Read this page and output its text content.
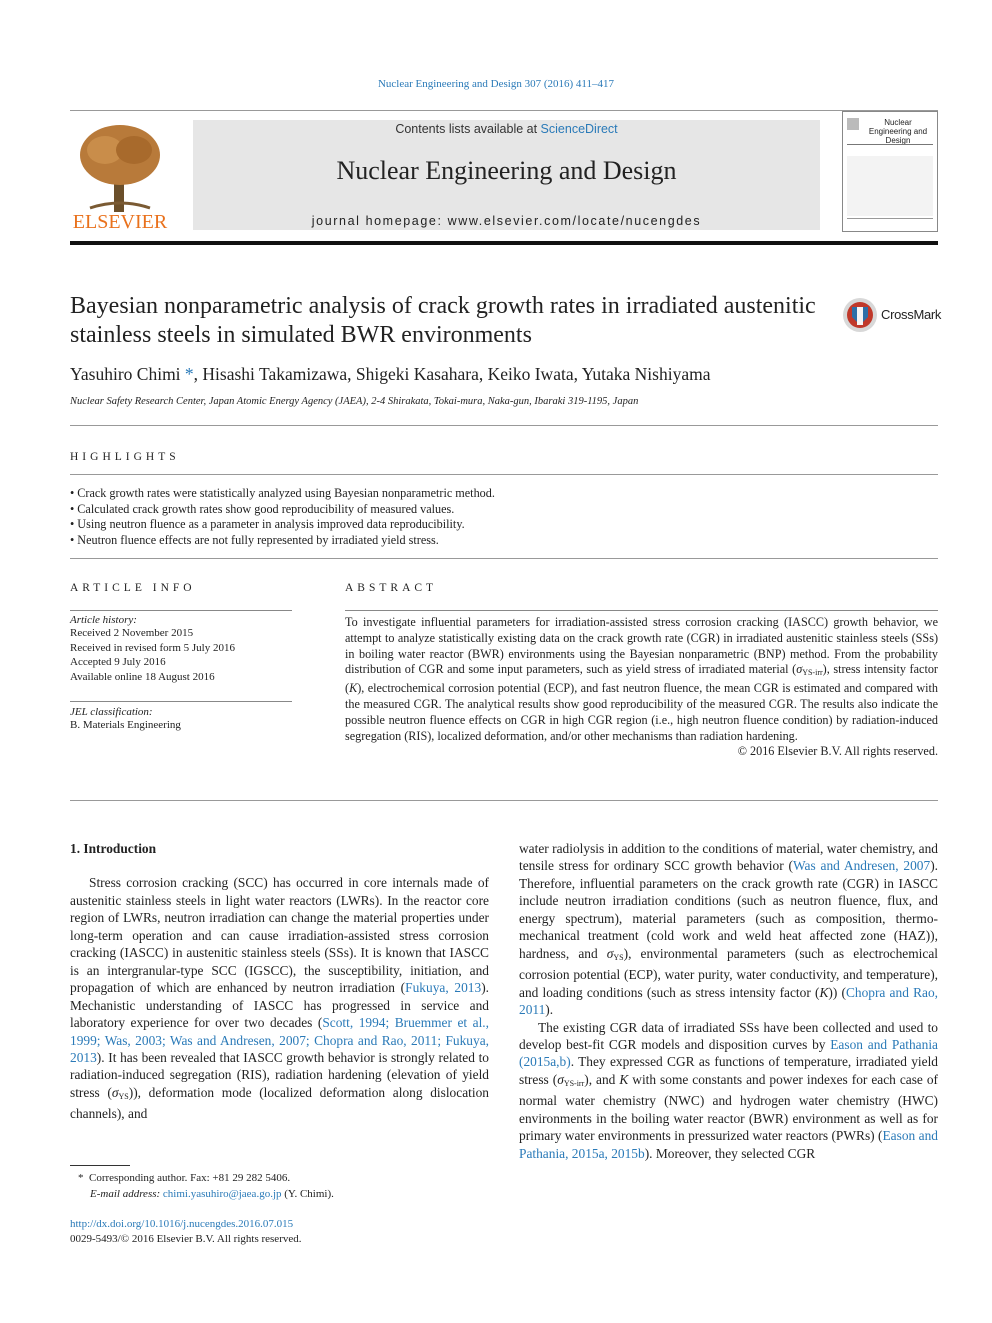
Nuclear Engineering and Design 307 (2016) 411–417
ELSEVIER
Contents lists available at ScienceDirect
Nuclear Engineering and Design
journal homepage: www.elsevier.com/locate/nucengdes
Nuclear Engineering and Design
Bayesian nonparametric analysis of crack growth rates in irradiated austenitic stainless steels in simulated BWR environments
CrossMark
Yasuhiro Chimi *, Hisashi Takamizawa, Shigeki Kasahara, Keiko Iwata, Yutaka Nishiyama
Nuclear Safety Research Center, Japan Atomic Energy Agency (JAEA), 2-4 Shirakata, Tokai-mura, Naka-gun, Ibaraki 319-1195, Japan
HIGHLIGHTS
• Crack growth rates were statistically analyzed using Bayesian nonparametric method.
• Calculated crack growth rates show good reproducibility of measured values.
• Using neutron fluence as a parameter in analysis improved data reproducibility.
• Neutron fluence effects are not fully represented by irradiated yield stress.
ARTICLE INFO
Article history:
Received 2 November 2015
Received in revised form 5 July 2016
Accepted 9 July 2016
Available online 18 August 2016
JEL classification:
B. Materials Engineering
ABSTRACT
To investigate influential parameters for irradiation-assisted stress corrosion cracking (IASCC) growth behavior, we attempt to analyze statistically existing data on the crack growth rate (CGR) in irradiated austenitic stainless steels (SSs) in boiling water reactor (BWR) environments using the Bayesian nonparametric (BNP) method. From the probability distribution of CGR and some input parameters, such as yield stress of irradiated material $(\sigma_{YS-irr})$, stress intensity factor (K), electrochemical corrosion potential (ECP), and fast neutron fluence, the mean CGR is estimated and compared with the measured CGR. The analytical results show good reproducibility of the measured CGR. The results also indicate the possible neutron fluence effects on CGR in high CGR region (i.e., high neutron fluence condition) by radiation-induced segregation (RIS), localized deformation, and/or other mechanisms than radiation hardening.
© 2016 Elsevier B.V. All rights reserved.

1. Introduction

Stress corrosion cracking (SCC) has occurred in core internals made of austenitic stainless steels in light water reactors (LWRs). In the reactor core region of LWRs, neutron irradiation can change the material properties under long-term operation and can cause irradiation-assisted stress corrosion cracking (IASCC) in austenitic stainless steels (SSs). It is known that IASCC is an intergranular-type SCC (IGSCC), the susceptibility, initiation, and propagation of which are enhanced by neutron irradiation (Fukuya, 2013). Mechanistic understanding of IASCC has progressed in service and laboratory experience for over two decades (Scott, 1994; Bruemmer et al., 1999; Was, 2003; Was and Andresen, 2007; Chopra and Rao, 2011; Fukuya, 2013). It has been revealed that IASCC growth behavior is strongly related to radiation-induced segregation (RIS), radiation hardening (elevation of yield stress $(\sigma_{YS})$), deformation mode (localized deformation along dislocation channels), and

water radiolysis in addition to the conditions of material, water chemistry, and tensile stress for ordinary SCC growth behavior (Was and Andresen, 2007). Therefore, influential parameters on the crack growth rate (CGR) in IASCC include neutron irradiation conditions (such as neutron fluence, flux, and energy spectrum), material parameters (such as composition, thermo-mechanical treatment (cold work and weld heat affected zone (HAZ)), hardness, and $\sigma_{YS}$), environmental parameters (such as electrochemical corrosion potential (ECP), water purity, water conductivity, and temperature), and loading conditions (such as stress intensity factor (K)) (Chopra and Rao, 2011).

The existing CGR data of irradiated SSs have been collected and used to develop best-fit CGR models and disposition curves by Eason and Pathania (2015a,b). They expressed CGR as functions of temperature, irradiated yield stress $(\sigma_{YS-irr})$, and K with some constants and power indexes for each case of normal water chemistry (NWC) and hydrogen water chemistry (HWC) environments in the boiling water reactor (BWR) environment as well as for primary water environments in pressurized water reactors (PWRs) (Eason and Pathania, 2015a, 2015b). Moreover, they selected CGR

* Corresponding author. Fax: +81 29 282 5406.
E-mail address: chimi.yasuhiro@jaea.go.jp (Y. Chimi).
http://dx.doi.org/10.1016/j.nucengdes.2016.07.015
0029-5493/© 2016 Elsevier B.V. All rights reserved.
